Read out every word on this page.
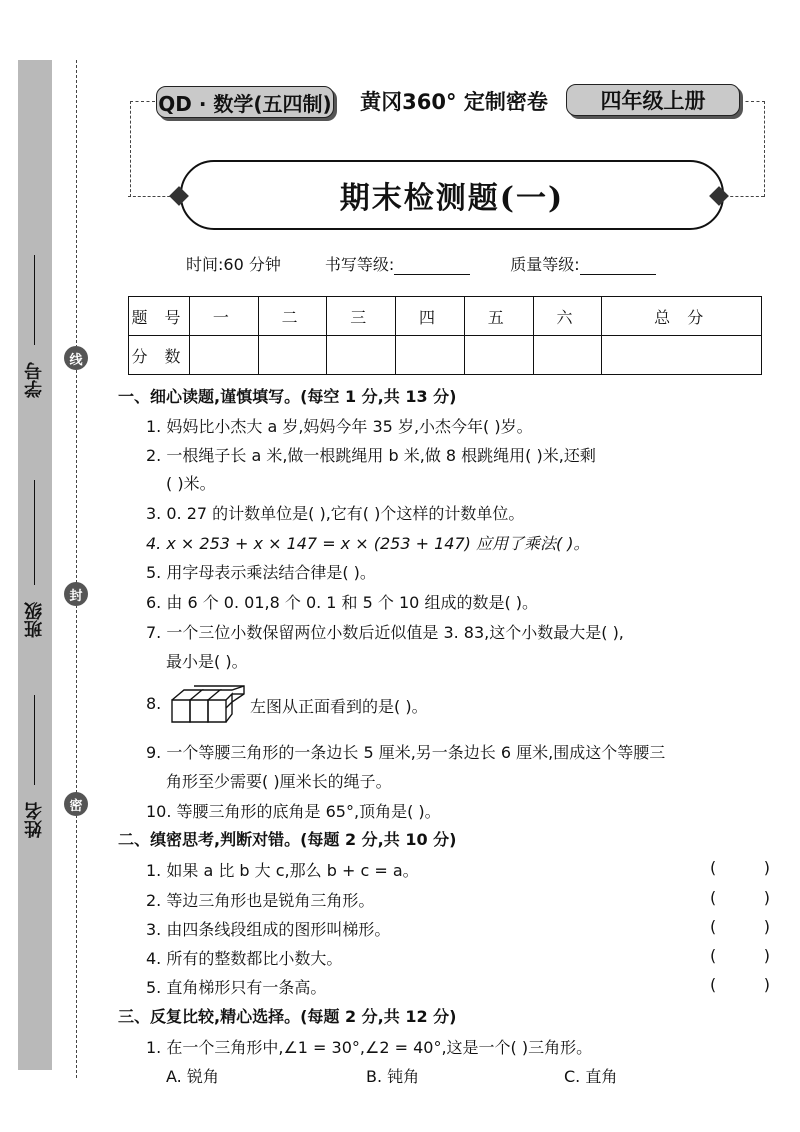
学号
班级
姓名
线
封
密
QD · 数学(五四制)	黄冈360° 定制密卷	四年级上册
期末检测题(一)
时间:60 分钟	书写等级:	质量等级:
题 号	一	二	三	四	五	六	总 分
分 数							
一、细心读题,谨慎填写。(每空 1 分,共 13 分)
1. 妈妈比小杰大 a 岁,妈妈今年 35 岁,小杰今年( )岁。
2. 一根绳子长 a 米,做一根跳绳用 b 米,做 8 根跳绳用( )米,还剩
( )米。
3. 0. 27 的计数单位是( ),它有( )个这样的计数单位。
4. x × 253 + x × 147 = x × (253 + 147) 应用了乘法( )。
5. 用字母表示乘法结合律是( )。
6. 由 6 个 0. 01,8 个 0. 1 和 5 个 10 组成的数是( )。
7. 一个三位小数保留两位小数后近似值是 3. 83,这个小数最大是( ),
最小是( )。
8.	左图从正面看到的是( )。
9. 一个等腰三角形的一条边长 5 厘米,另一条边长 6 厘米,围成这个等腰三
角形至少需要( )厘米长的绳子。
10. 等腰三角形的底角是 65°,顶角是( )。
二、缜密思考,判断对错。(每题 2 分,共 10 分)
1. 如果 a 比 b 大 c,那么 b + c = a。	(	)
2. 等边三角形也是锐角三角形。	(	)
3. 由四条线段组成的图形叫梯形。	(	)
4. 所有的整数都比小数大。	(	)
5. 直角梯形只有一条高。	(	)
三、反复比较,精心选择。(每题 2 分,共 12 分)
1. 在一个三角形中,∠1 = 30°,∠2 = 40°,这是一个( )三角形。
A. 锐角	B. 钝角	C. 直角
